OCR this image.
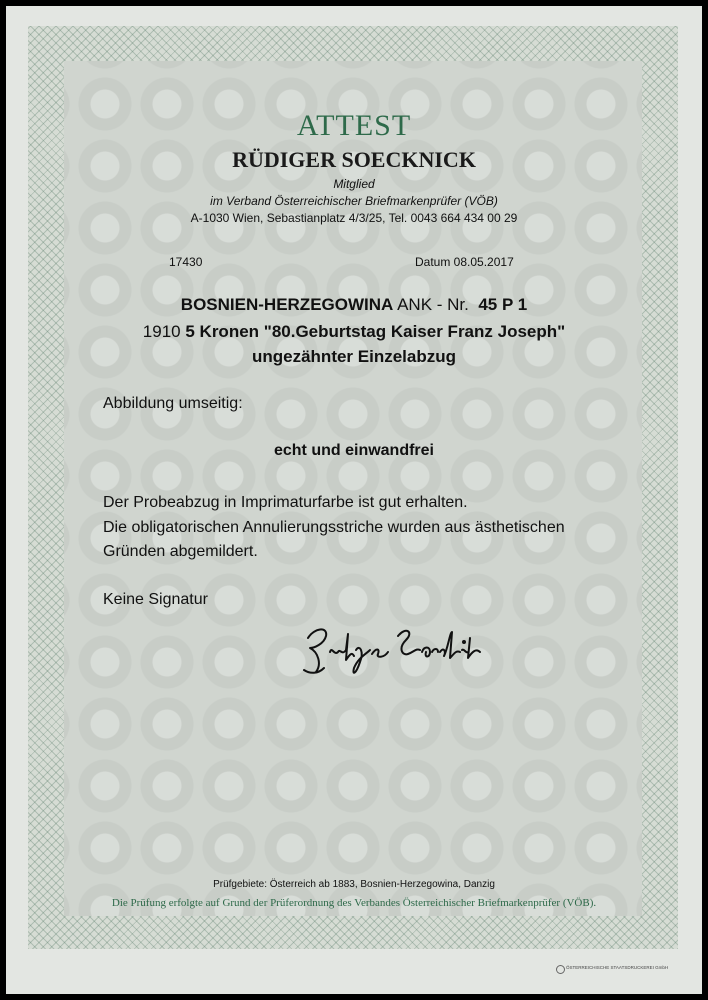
ATTEST
RÜDIGER SOECKNICK
Mitglied
im Verband Österreichischer Briefmarkenprüfer (VÖB)
A-1030 Wien, Sebastianplatz 4/3/25, Tel. 0043 664 434 00 29
17430	Datum 08.05.2017
BOSNIEN-HERZEGOWINA ANK - Nr. 45 P 1
1910 5 Kronen "80.Geburtstag Kaiser Franz Joseph"
ungezähnter Einzelabzug
Abbildung umseitig:
echt und einwandfrei
Der Probeabzug in Imprimaturfarbe ist gut erhalten.
Die obligatorischen Annulierungsstriche wurden aus ästhetischen
Gründen abgemildert.
Keine Signatur
Prüfgebiete: Österreich ab 1883, Bosnien-Herzegowina, Danzig
Die Prüfung erfolgte auf Grund der Prüferordnung des Verbandes Österreichischer Briefmarkenprüfer (VÖB).
ÖSTERREICHISCHE STAATSDRUCKEREI GmbH
